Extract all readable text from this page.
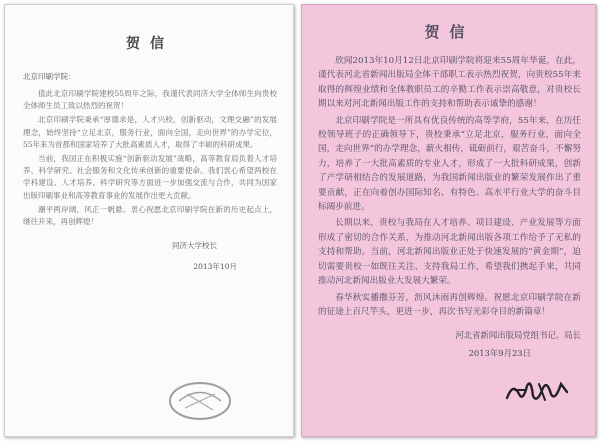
贺信
北京印刷学院：

值此北京印刷学院建校55周年之际，我谨代表同济大学全体师生向贵校全体师生员工致以热烈的祝贺！

北京印刷学院秉承“厚德求是，人才兴校，创新驱动，文理交融”的发展理念，始终坚持“立足北京，服务行业，面向全国，走向世界”的办学定位，55年来为首都和国家培养了大批高素质人才，取得了丰硕的科研成果。

当前，我国正在积极实施“创新驱动发展”战略，高等教育肩负着人才培养、科学研究、社会服务和文化传承创新的重要使命。我们衷心希望两校在学科建设、人才培养、科学研究等方面进一步加强交流与合作，共同为国家出版印刷事业和高等教育事业的发展作出更大贡献。

潮平两岸阔，风正一帆悬。衷心祝愿北京印刷学院在新的历史起点上，继往开来，再创辉煌！

同济大学校长
2013年10月
贺信

欣闻2013年10月12日北京印刷学院将迎来55周年华诞，在此，谨代表河北省新闻出版局全体干部职工表示热烈祝贺，向贵校55年来取得的辉煌业绩和全体教职员工的辛勤工作表示崇高敬意，对贵校长期以来对河北新闻出版工作的支持和帮助表示诚挚的感谢！

北京印刷学院是一所具有优良传统的高等学府，55年来，在历任校领导班子的正确领导下，贵校秉承“立足北京，服务行业，面向全国，走向世界”的办学理念，薪火相传，砥砺前行，艰苦奋斗，不懈努力，培养了一大批高素质的专业人才，形成了一大批科研成果，创新了产学研相结合的发展道路，为我国新闻出版业的繁荣发展作出了重要贡献，正在向着创办国际知名、有特色、高水平行业大学的奋斗目标阔步前进。

长期以来，贵校与我局在人才培养、项目建设、产业发展等方面形成了密切的合作关系，为推动河北新闻出版各项工作给予了无私的支持和帮助。当前，河北新闻出版业正处于快速发展的“黄金期”，迫切需要贵校一如既往关注、支持我局工作，希望我们携起手来，共同推动河北新闻出版业大发展大繁荣。

春华秋实播撒芬芳，沥风沐雨再创辉煌。祝愿北京印刷学院在新的征途上百尺竿头，更进一步，再次书写光彩夺目的新篇章！

河北省新闻出版局党组书记、局长
2013年9月23日
